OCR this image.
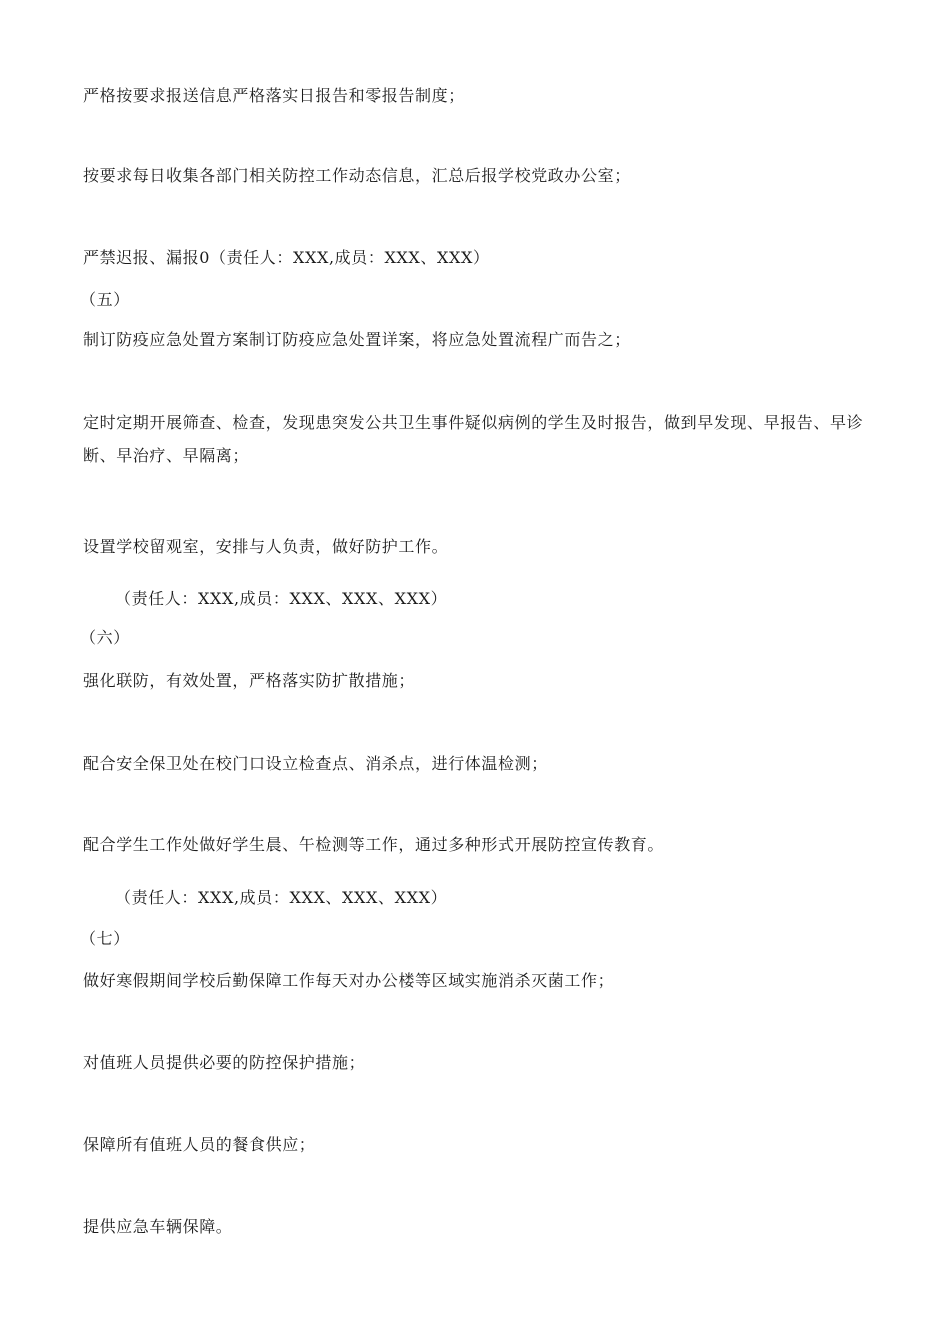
严格按要求报送信息严格落实日报告和零报告制度；
按要求每日收集各部门相关防控工作动态信息，汇总后报学校党政办公室；
严禁迟报、漏报0（责任人：XXX,成员：XXX、XXX）
（五）
制订防疫应急处置方案制订防疫应急处置详案，将应急处置流程广而告之；
定时定期开展筛查、检查，发现患突发公共卫生事件疑似病例的学生及时报告，做到早发现、早报告、早诊断、早治疗、早隔离；
设置学校留观室，安排与人负责，做好防护工作。
（责任人：XXX,成员：XXX、XXX、XXX）
（六）
强化联防，有效处置，严格落实防扩散措施；
配合安全保卫处在校门口设立检查点、消杀点，进行体温检测；
配合学生工作处做好学生晨、午检测等工作，通过多种形式开展防控宣传教育。
（责任人：XXX,成员：XXX、XXX、XXX）
（七）
做好寒假期间学校后勤保障工作每天对办公楼等区域实施消杀灭菌工作；
对值班人员提供必要的防控保护措施；
保障所有值班人员的餐食供应；
提供应急车辆保障。
